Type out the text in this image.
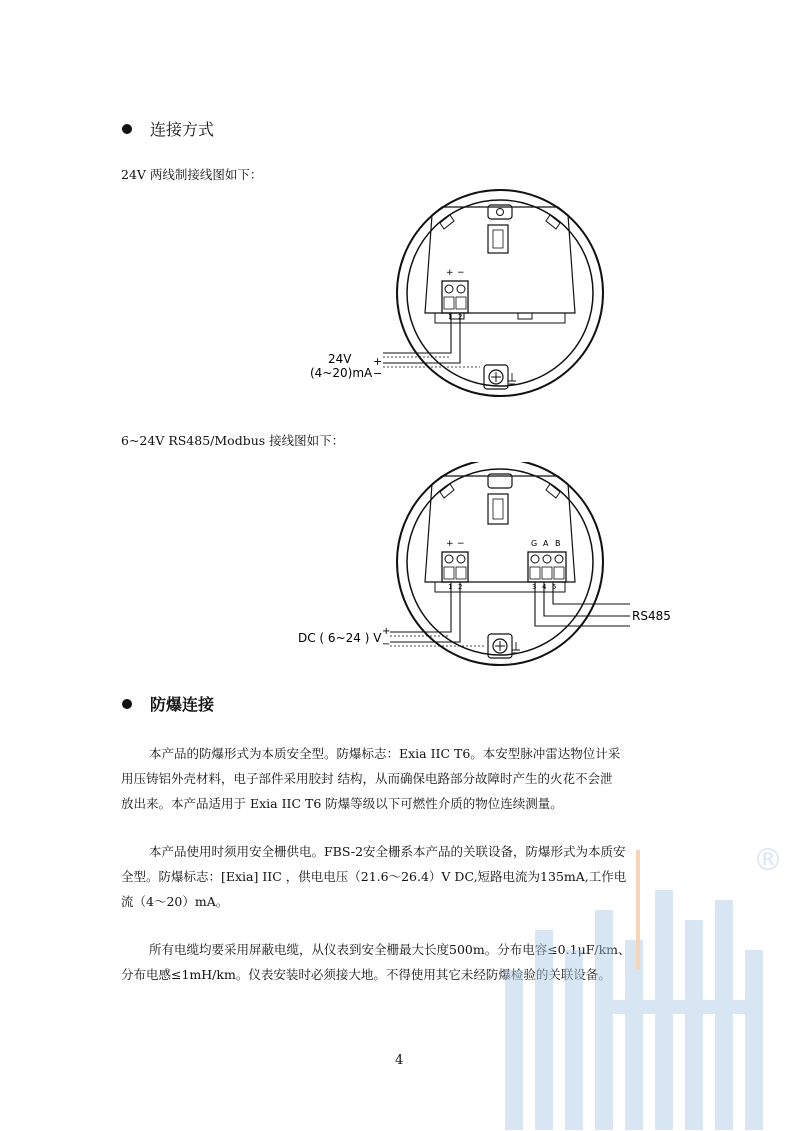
连接方式
24V 两线制接线图如下：
+ −
1 2
24V
(4~20)mA
+
−
6~24V RS485/Modbus 接线图如下：
+ −
1 2
G A B
3 4 5
DC ( 6~24 ) V
RS485
+
−
防爆连接
本产品的防爆形式为本质安全型。防爆标志：Exia IIC T6。本安型脉冲雷达物位计采
用压铸铝外壳材料，电子部件采用胶封 结构，从而确保电路部分故障时产生的火花不会泄
放出来。本产品适用于 Exia IIC T6 防爆等级以下可燃性介质的物位连续测量。
本产品使用时须用安全栅供电。FBS-2安全栅系本产品的关联设备，防爆形式为本质安
全型。防爆标志：[Exia] IIC ，供电电压（21.6～26.4）V DC,短路电流为135mA,工作电
流（4～20）mA。
所有电缆均要采用屏蔽电缆，从仪表到安全栅最大长度500m。分布电容≤0.1μF/km、
分布电感≤1mH/km。仪表安装时必须接大地。不得使用其它未经防爆检验的关联设备。
®
4
